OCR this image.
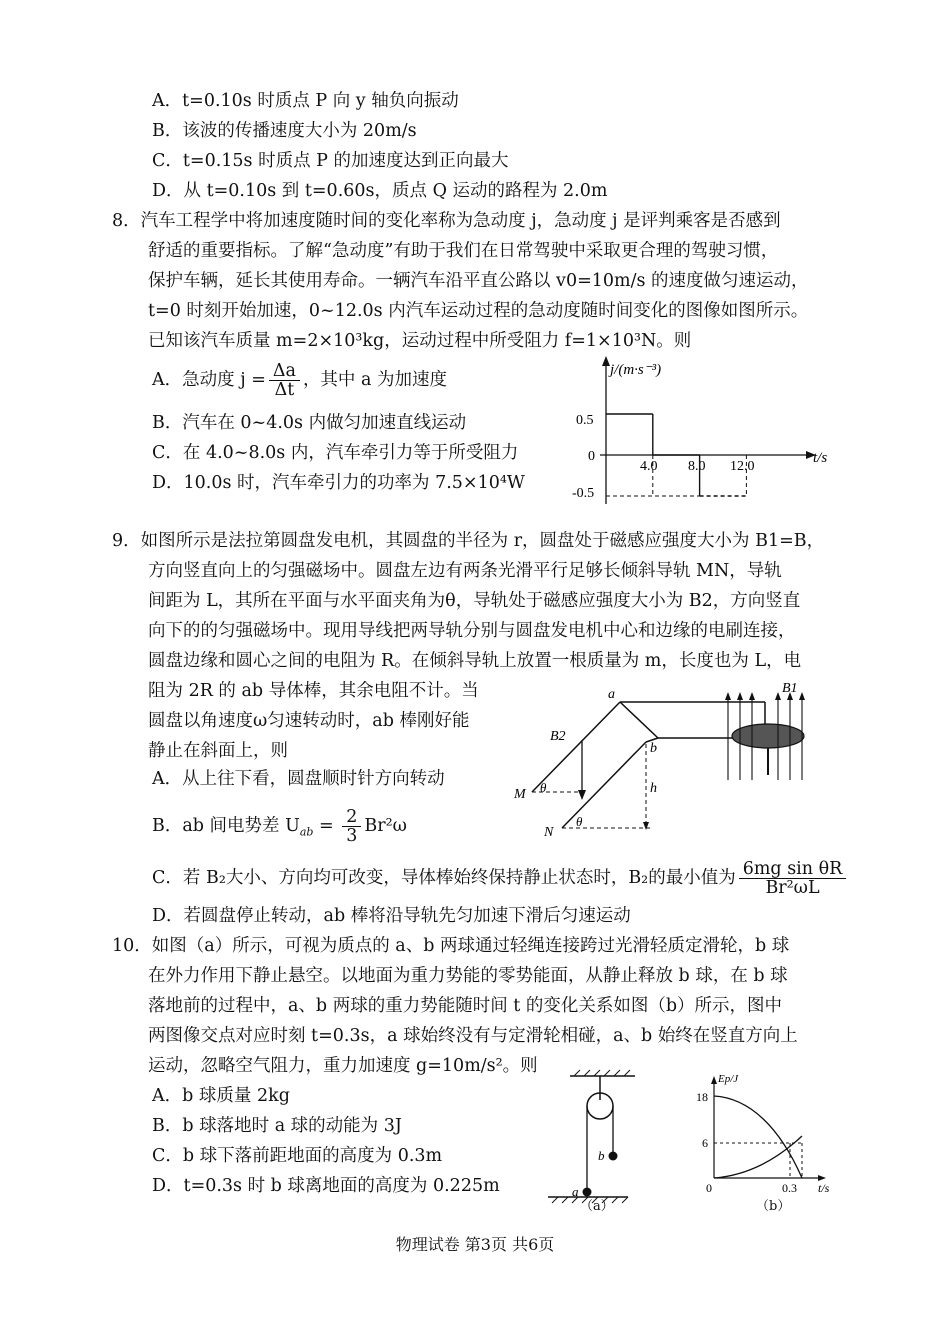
A．t=0.10s 时质点 P 向 y 轴负向振动
B．该波的传播速度大小为 20m/s
C．t=0.15s 时质点 P 的加速度达到正向最大
D．从 t=0.10s 到 t=0.60s，质点 Q 运动的路程为 2.0m
8．汽车工程学中将加速度随时间的变化率称为急动度 j，急动度 j 是评判乘客是否感到
舒适的重要指标。了解“急动度”有助于我们在日常驾驶中采取更合理的驾驶习惯，
保护车辆，延长其使用寿命。一辆汽车沿平直公路以 v0=10m/s 的速度做匀速运动，
t=0 时刻开始加速，0~12.0s 内汽车运动过程的急动度随时间变化的图像如图所示。
已知该汽车质量 m=2×10³kg，运动过程中所受阻力 f=1×10³N。则
A．急动度 $j = \frac{\Delta a}{\Delta t}$ ，其中 a 为加速度
B．汽车在 0~4.0s 内做匀加速直线运动
C．在 4.0~8.0s 内，汽车牵引力等于所受阻力
D．10.0s 时，汽车牵引力的功率为 7.5×10⁴W
j/(m·s⁻³)
t/s
0.5
0
-0.5
4.0 8.0 12.0
9．如图所示是法拉第圆盘发电机，其圆盘的半径为 r，圆盘处于磁感应强度大小为 B1=B，
方向竖直向上的匀强磁场中。圆盘左边有两条光滑平行足够长倾斜导轨 MN，导轨
间距为 L，其所在平面与水平面夹角为θ，导轨处于磁感应强度大小为 B2，方向竖直
向下的的匀强磁场中。现用导线把两导轨分别与圆盘发电机中心和边缘的电刷连接，
圆盘边缘和圆心之间的电阻为 R。在倾斜导轨上放置一根质量为 m，长度也为 L，电
阻为 2R 的 ab 导体棒，其余电阻不计。当
圆盘以角速度ω匀速转动时，ab 棒刚好能
静止在斜面上，则
A．从上往下看，圆盘顺时针方向转动
B．ab 间电势差 $U_{ab} = \frac{2}{3} Br^2\omega$
C．若 B₂大小、方向均可改变，导体棒始终保持静止状态时，B₂的最小值为 $\frac{\text{6mg sin θR}}{\text{Br²ωL}}$
D．若圆盘停止转动，ab 棒将沿导轨先匀加速下滑后匀速运动
a
b
B1
B2
M
N
θ
θ
h
10．如图（a）所示，可视为质点的 a、b 两球通过轻绳连接跨过光滑轻质定滑轮，b 球
在外力作用下静止悬空。以地面为重力势能的零势能面，从静止释放 b 球，在 b 球
落地前的过程中，a、b 两球的重力势能随时间 t 的变化关系如图（b）所示，图中
两图像交点对应时刻 t=0.3s，a 球始终没有与定滑轮相碰，a、b 始终在竖直方向上
运动，忽略空气阻力，重力加速度 g=10m/s²。则
A．b 球质量 2kg
B．b 球落地时 a 球的动能为 3J
C．b 球下落前距地面的高度为 0.3m
D．t=0.3s 时 b 球离地面的高度为 0.225m
b
a
（a）
Ep/J
18
6
0	0.3 t/s
（b）
物理试卷 第3页 共6页
